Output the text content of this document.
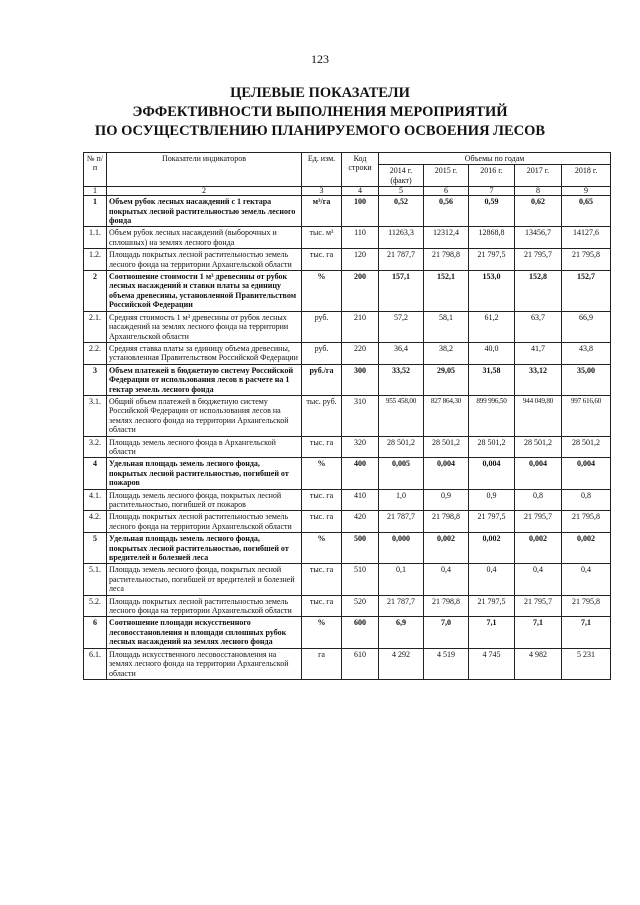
123
ЦЕЛЕВЫЕ ПОКАЗАТЕЛИ
ЭФФЕКТИВНОСТИ ВЫПОЛНЕНИЯ МЕРОПРИЯТИЙ
ПО ОСУЩЕСТВЛЕНИЮ ПЛАНИРУЕМОГО ОСВОЕНИЯ ЛЕСОВ
№ п/п	Показатели индикаторов	Ед. изм.	Код строки	Объемы по годам				
				2014 г. (факт)	2015 г.	2016 г.	2017 г.	2018 г.
1	2	3	4	5	6	7	8	9
1	Объем рубок лесных насаждений с 1 гектара покрытых лесной растительностью земель лесного фонда	м³/га	100	0,52	0,56	0,59	0,62	0,65
1.1.	Объем рубок лесных насаждений (выборочных и сплошных) на землях лесного фонда	тыс. м³	110	11263,3	12312,4	12868,8	13456,7	14127,6
1.2.	Площадь покрытых лесной растительностью земель лесного фонда на территории Архангельской области	тыс. га	120	21 787,7	21 798,8	21 797,5	21 795,7	21 795,8
2	Соотношение стоимости 1 м³ древесины от рубок лесных насаждений и ставки платы за единицу объема древесины, установленной Правительством Российской Федерации	%	200	157,1	152,1	153,0	152,8	152,7
2.1.	Средняя стоимость 1 м³ древесины от рубок лесных насаждений на землях лесного фонда на территории Архангельской области	руб.	210	57,2	58,1	61,2	63,7	66,9
2.2.	Средняя ставка платы за единицу объема древесины, установленная Правительством Российской Федерации	руб.	220	36,4	38,2	40,0	41,7	43,8
3	Объем платежей в бюджетную систему Российской Федерации от использования лесов в расчете на 1 гектар земель лесного фонда	руб./га	300	33,52	29,05	31,58	33,12	35,00
3.1.	Общий объем платежей в бюджетную систему Российской Федерации от использования лесов на землях лесного фонда на территории Архангельской области	тыс. руб.	310	955 458,00	827 864,30	899 996,50	944 049,80	997 616,60
3.2.	Площадь земель лесного фонда в Архангельской области	тыс. га	320	28 501,2	28 501,2	28 501,2	28 501,2	28 501,2
4	Удельная площадь земель лесного фонда, покрытых лесной растительностью, погибшей от пожаров	%	400	0,005	0,004	0,004	0,004	0,004
4.1.	Площадь земель лесного фонда, покрытых лесной растительностью, погибшей от пожаров	тыс. га	410	1,0	0,9	0,9	0,8	0,8
4.2.	Площадь покрытых лесной растительностью земель лесного фонда на территории Архангельской области	тыс. га	420	21 787,7	21 798,8	21 797,5	21 795,7	21 795,8
5	Удельная площадь земель лесного фонда, покрытых лесной растительностью, погибшей от вредителей и болезней леса	%	500	0,000	0,002	0,002	0,002	0,002
5.1.	Площадь земель лесного фонда, покрытых лесной растительностью, погибшей от вредителей и болезней леса	тыс. га	510	0,1	0,4	0,4	0,4	0,4
5.2.	Площадь покрытых лесной растительностью земель лесного фонда на территории Архангельской области	тыс. га	520	21 787,7	21 798,8	21 797,5	21 795,7	21 795,8
6	Соотношение площади искусственного лесовосстановления и площади сплошных рубок лесных насаждений на землях лесного фонда	%	600	6,9	7,0	7,1	7,1	7,1
6.1.	Площадь искусственного лесовосстановления на землях лесного фонда на территории Архангельской области	га	610	4 292	4 519	4 745	4 982	5 231
